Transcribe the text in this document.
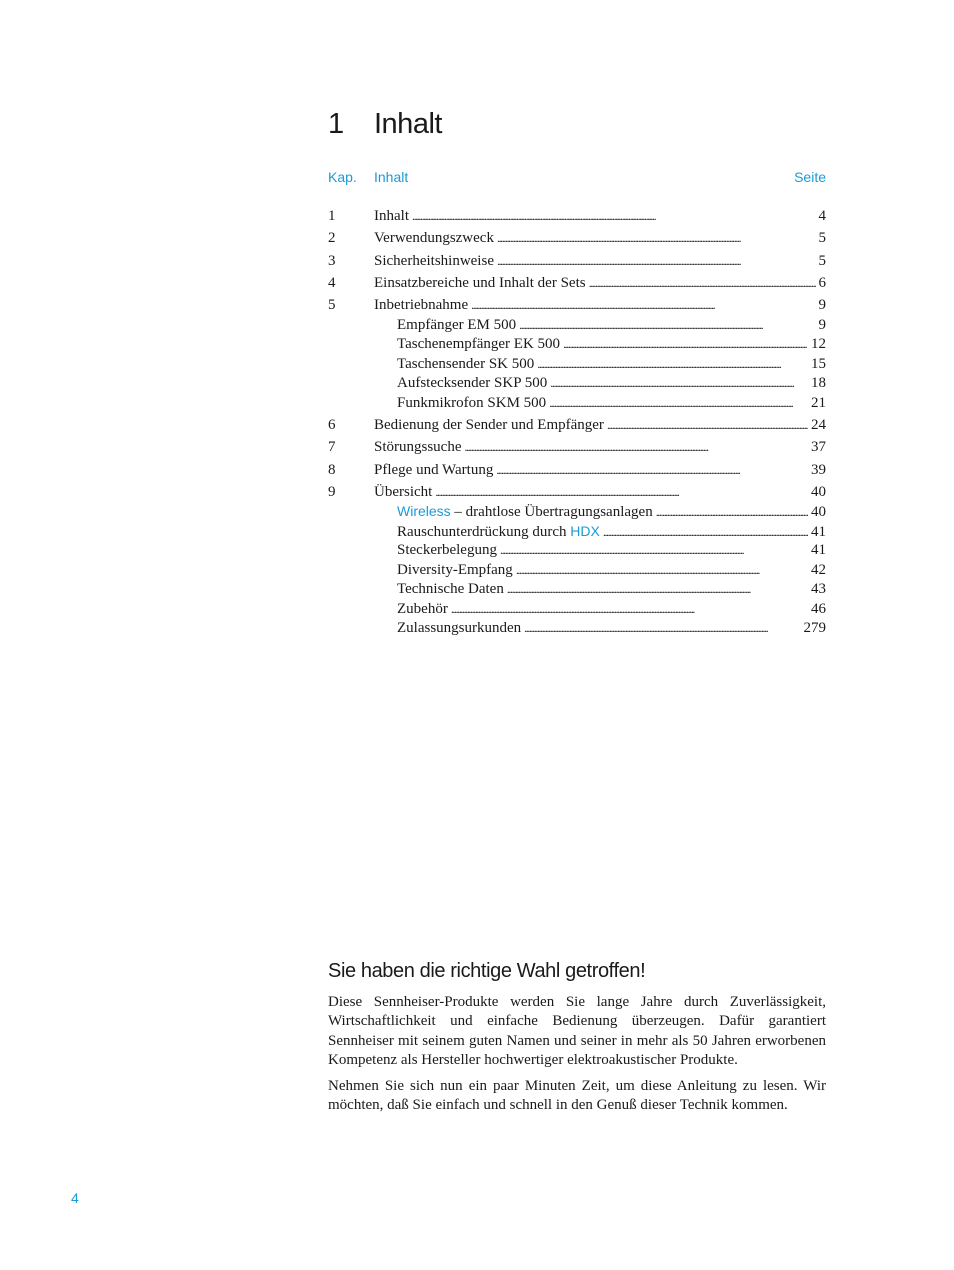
1 Inhalt
Kap. Inhalt	Seite
1	Inhalt . . .	4
2	Verwendungszweck . . .	5
3	Sicherheitshinweise . . .	5
4	Einsatzbereiche und Inhalt der Sets . . .	6
5	Inbetriebnahme . . .	9
Empfänger EM 500 . . .	9
Taschenempfänger EK 500 . . .	12
Taschensender SK 500 . . .	15
Aufstecksender SKP 500 . . .	18
Funkmikrofon SKM 500 . . .	21
6	Bedienung der Sender und Empfänger . . .	24
7	Störungssuche . . .	37
8	Pflege und Wartung . . .	39
9	Übersicht . . .	40
Wireless – drahtlose Übertragungsanlagen . . .	40
Rauschunterdrückung durch HDX . . .	41
Steckerbelegung . . .	41
Diversity-Empfang . . .	42
Technische Daten . . .	43
Zubehör . . .	46
Zulassungsurkunden . . .	279
Sie haben die richtige Wahl getroffen!

Diese Sennheiser-Produkte werden Sie lange Jahre durch Zuverlässigkeit, Wirtschaftlichkeit und einfache Bedienung überzeugen. Dafür garantiert Sennheiser mit seinem guten Namen und seiner in mehr als 50 Jahren erworbenen Kompetenz als Hersteller hochwertiger elektroakustischer Produkte.

Nehmen Sie sich nun ein paar Minuten Zeit, um diese Anleitung zu lesen. Wir möchten, daß Sie einfach und schnell in den Genuß dieser Technik kommen.

4
